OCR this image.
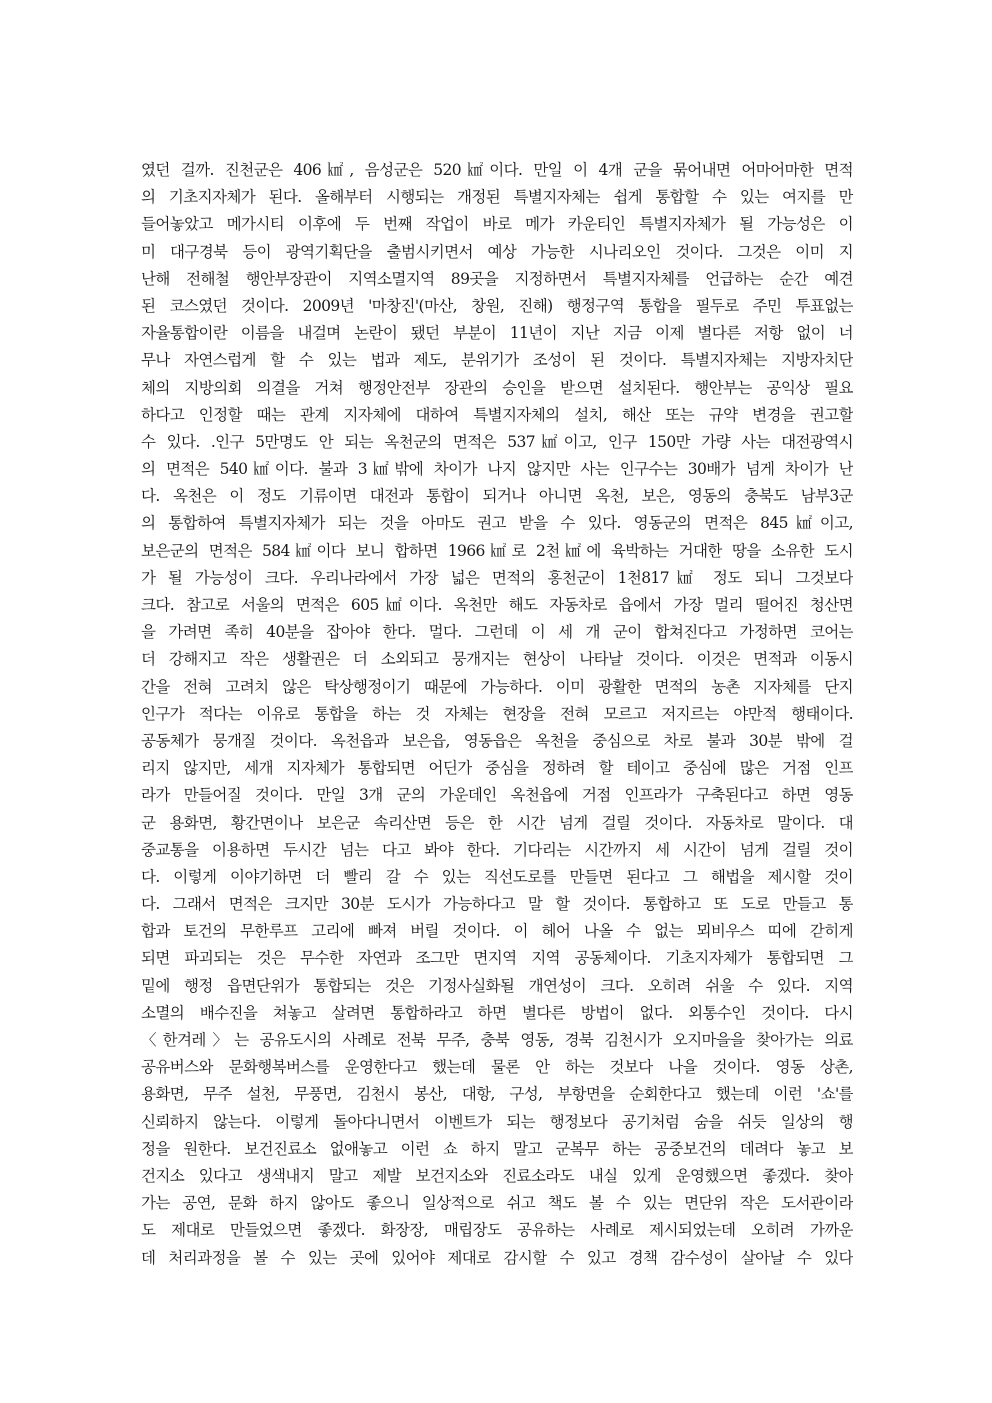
였던 걸까. 진천군은 406㎢, 음성군은 520㎢이다. 만일 이 4개 군을 묶어내면 어마어마한 면적
의 기초지자체가 된다. 올해부터 시행되는 개정된 특별지자체는 쉽게 통합할 수 있는 여지를 만
들어놓았고 메가시티 이후에 두 번째 작업이 바로 메가 카운티인 특별지자체가 될 가능성은 이
미 대구경북 등이 광역기획단을 출범시키면서 예상 가능한 시나리오인 것이다. 그것은 이미 지
난해 전해철 행안부장관이 지역소멸지역 89곳을 지정하면서 특별지자체를 언급하는 순간 예견
된 코스였던 것이다. 2009년 '마창진'(마산, 창원, 진해) 행정구역 통합을 필두로 주민 투표없는
자율통합이란 이름을 내걸며 논란이 됐던 부분이 11년이 지난 지금 이제 별다른 저항 없이 너
무나 자연스럽게 할 수 있는 법과 제도, 분위기가 조성이 된 것이다. 특별지자체는 지방자치단
체의 지방의회 의결을 거쳐 행정안전부 장관의 승인을 받으면 설치된다. 행안부는 공익상 필요
하다고 인정할 때는 관계 지자체에 대하여 특별지자체의 설치, 해산 또는 규약 변경을 권고할
수 있다. .인구 5만명도 안 되는 옥천군의 면적은 537㎢이고, 인구 150만 가량 사는 대전광역시
의 면적은 540㎢이다. 불과 3㎢밖에 차이가 나지 않지만 사는 인구수는 30배가 넘게 차이가 난
다. 옥천은 이 정도 기류이면 대전과 통합이 되거나 아니면 옥천, 보은, 영동의 충북도 남부3군
의 통합하여 특별지자체가 되는 것을 아마도 권고 받을 수 있다. 영동군의 면적은 845㎢이고,
보은군의 면적은 584㎢이다 보니 합하면 1966㎢로 2천㎢에 육박하는 거대한 땅을 소유한 도시
가 될 가능성이 크다. 우리나라에서 가장 넓은 면적의 홍천군이 1천817㎢ 정도 되니 그것보다
크다. 참고로 서울의 면적은 605㎢이다. 옥천만 해도 자동차로 읍에서 가장 멀리 떨어진 청산면
을 가려면 족히 40분을 잡아야 한다. 멀다. 그런데 이 세 개 군이 합쳐진다고 가정하면 코어는
더 강해지고 작은 생활권은 더 소외되고 뭉개지는 현상이 나타날 것이다. 이것은 면적과 이동시
간을 전혀 고려치 않은 탁상행정이기 때문에 가능하다. 이미 광활한 면적의 농촌 지자체를 단지
인구가 적다는 이유로 통합을 하는 것 자체는 현장을 전혀 모르고 저지르는 야만적 행태이다.
공동체가 뭉개질 것이다. 옥천읍과 보은읍, 영동읍은 옥천을 중심으로 차로 불과 30분 밖에 걸
리지 않지만, 세개 지자체가 통합되면 어딘가 중심을 정하려 할 테이고 중심에 많은 거점 인프
라가 만들어질 것이다. 만일 3개 군의 가운데인 옥천읍에 거점 인프라가 구축된다고 하면 영동
군 용화면, 황간면이나 보은군 속리산면 등은 한 시간 넘게 걸릴 것이다. 자동차로 말이다. 대
중교통을 이용하면 두시간 넘는 다고 봐야 한다. 기다리는 시간까지 세 시간이 넘게 걸릴 것이
다. 이렇게 이야기하면 더 빨리 갈 수 있는 직선도로를 만들면 된다고 그 해법을 제시할 것이
다. 그래서 면적은 크지만 30분 도시가 가능하다고 말 할 것이다. 통합하고 또 도로 만들고 통
합과 토건의 무한루프 고리에 빠져 버릴 것이다. 이 헤어 나올 수 없는 뫼비우스 띠에 갇히게
되면 파괴되는 것은 무수한 자연과 조그만 면지역 지역 공동체이다. 기초지자체가 통합되면 그
밑에 행정 읍면단위가 통합되는 것은 기정사실화될 개연성이 크다. 오히려 쉬울 수 있다. 지역
소멸의 배수진을 쳐놓고 살려면 통합하라고 하면 별다른 방법이 없다. 외통수인 것이다. 다시
〈한겨레〉는 공유도시의 사례로 전북 무주, 충북 영동, 경북 김천시가 오지마을을 찾아가는 의료
공유버스와 문화행복버스를 운영한다고 했는데 물론 안 하는 것보다 나을 것이다. 영동 상촌,
용화면, 무주 설천, 무풍면, 김천시 봉산, 대항, 구성, 부항면을 순회한다고 했는데 이런 '쇼'를
신뢰하지 않는다. 이렇게 돌아다니면서 이벤트가 되는 행정보다 공기처럼 숨을 쉬듯 일상의 행
정을 원한다. 보건진료소 없애놓고 이런 쇼 하지 말고 군복무 하는 공중보건의 데려다 놓고 보
건지소 있다고 생색내지 말고 제발 보건지소와 진료소라도 내실 있게 운영했으면 좋겠다. 찾아
가는 공연, 문화 하지 않아도 좋으니 일상적으로 쉬고 책도 볼 수 있는 면단위 작은 도서관이라
도 제대로 만들었으면 좋겠다. 화장장, 매립장도 공유하는 사례로 제시되었는데 오히려 가까운
데 처리과정을 볼 수 있는 곳에 있어야 제대로 감시할 수 있고 경책 감수성이 살아날 수 있다
